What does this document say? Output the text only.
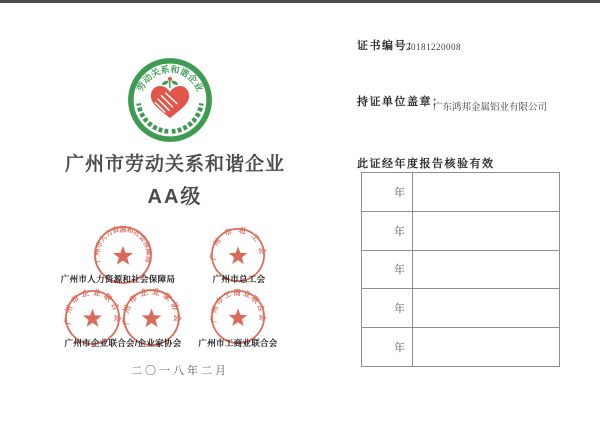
劳动关系和谐企业
广州市劳动关系和谐企业
AA级
广州市人力资源和社会保障局	广州市总工会
广州市人力资源和社会保障局	广州市总工会
广州市企业联合会
广州市企业家协会 广州市工商业联合会
广州市企业联合会/企业家协会	广州市工商业联合会
二〇一八年二月
证书编号：
20181220008
持证单位盖章：
广东鸿邦金属铝业有限公司
此证经年度报告核验有效
年
年
年
年
年
